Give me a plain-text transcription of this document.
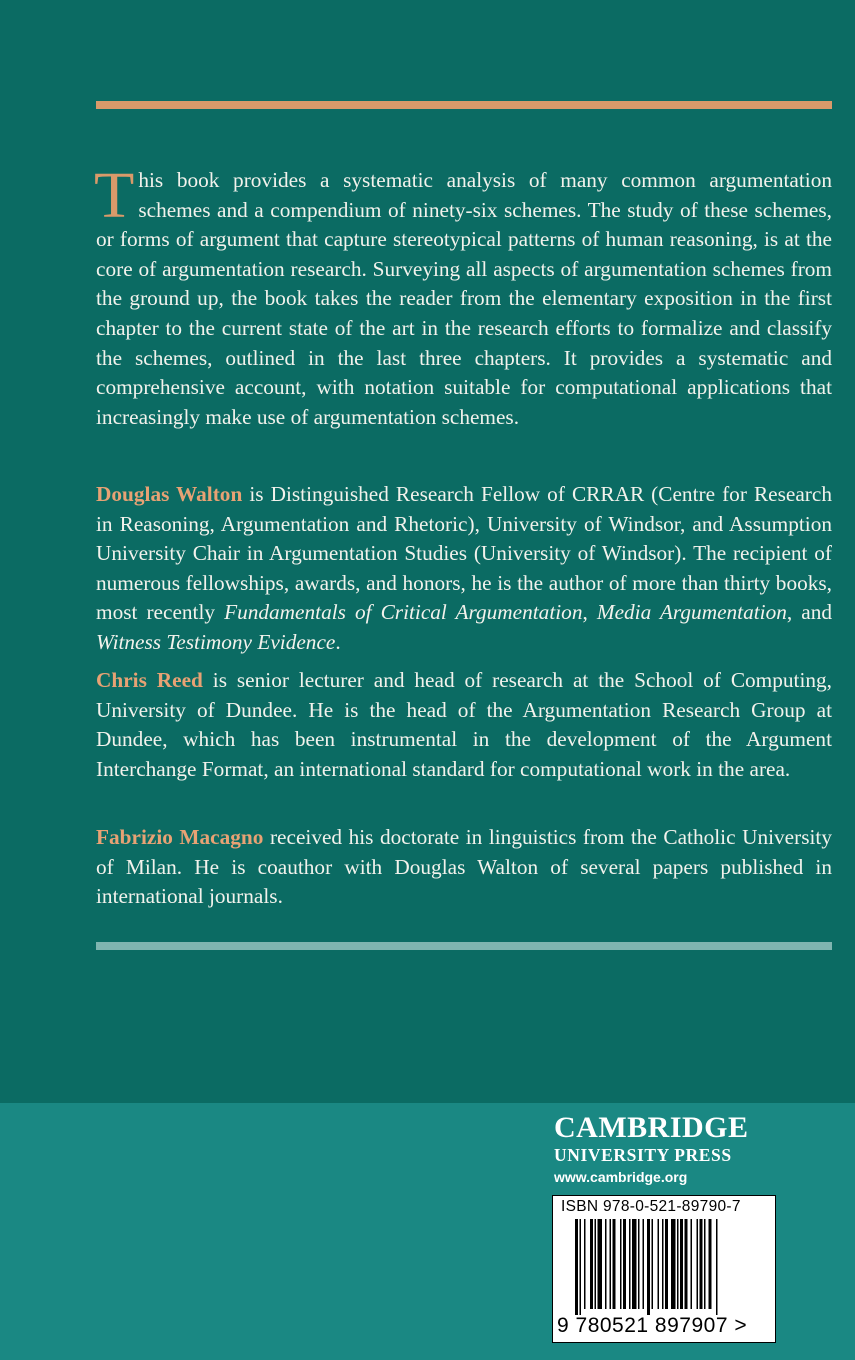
This book provides a systematic analysis of many common argumentation schemes and a compendium of ninety-six schemes. The study of these schemes, or forms of argument that capture stereotypical patterns of human reasoning, is at the core of argumentation research. Surveying all aspects of argumentation schemes from the ground up, the book takes the reader from the elementary exposition in the first chapter to the current state of the art in the research efforts to formalize and classify the schemes, outlined in the last three chapters. It provides a systematic and comprehensive account, with notation suitable for computational applications that increasingly make use of argumentation schemes.

Douglas Walton is Distinguished Research Fellow of CRRAR (Centre for Research in Reasoning, Argumentation and Rhetoric), University of Windsor, and Assumption University Chair in Argumentation Studies (University of Windsor). The recipient of numerous fellowships, awards, and honors, he is the author of more than thirty books, most recently Fundamentals of Critical Argumentation, Media Argumentation, and Witness Testimony Evidence.

Chris Reed is senior lecturer and head of research at the School of Computing, University of Dundee. He is the head of the Argumentation Research Group at Dundee, which has been instrumental in the development of the Argument Interchange Format, an international standard for computational work in the area.

Fabrizio Macagno received his doctorate in linguistics from the Catholic University of Milan. He is coauthor with Douglas Walton of several papers published in international journals.

CAMBRIDGE
UNIVERSITY PRESS
www.cambridge.org
ISBN 978-0-521-89790-7
9 780521 897907 >
